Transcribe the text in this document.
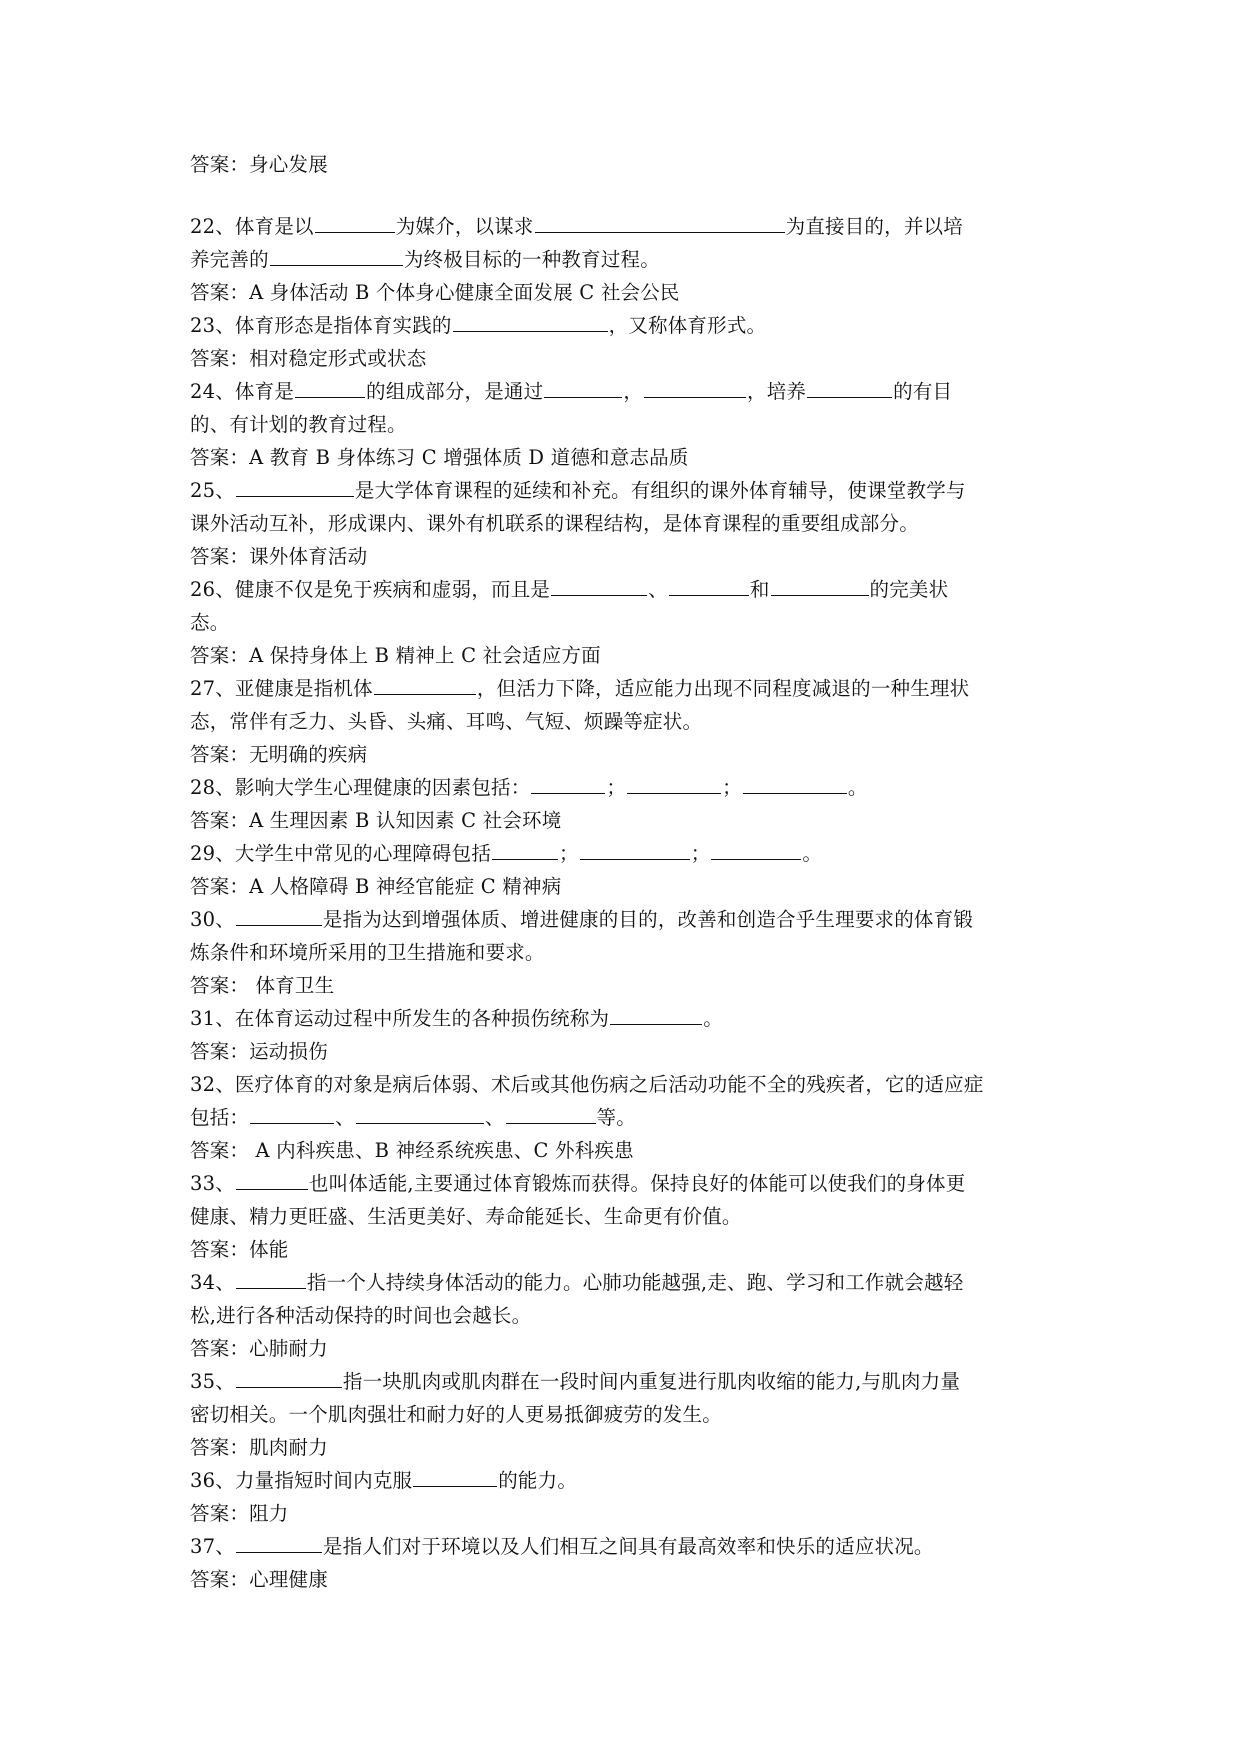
答案：身心发展
22、体育是以	为媒介，以谋求	为直接目的，并以培
养完善的	为终极目标的一种教育过程。
答案：A 身体活动 B 个体身心健康全面发展 C 社会公民
23、体育形态是指体育实践的	，又称体育形式。
答案：相对稳定形式或状态
24、体育是	的组成部分，是通过	，	，培养	的有目
的、有计划的教育过程。
答案：A 教育 B 身体练习 C 增强体质 D 道德和意志品质
25、	是大学体育课程的延续和补充。有组织的课外体育辅导，使课堂教学与
课外活动互补，形成课内、课外有机联系的课程结构，是体育课程的重要组成部分。
答案：课外体育活动
26、健康不仅是免于疾病和虚弱，而且是	、	和	的完美状
态。
答案：A 保持身体上 B 精神上 C 社会适应方面
27、亚健康是指机体	，但活力下降，适应能力出现不同程度减退的一种生理状
态，常伴有乏力、头昏、头痛、耳鸣、气短、烦躁等症状。
答案：无明确的疾病
28、影响大学生心理健康的因素包括：	；	；	。
答案：A 生理因素 B 认知因素 C 社会环境
29、大学生中常见的心理障碍包括	；	；	。
答案：A 人格障碍 B 神经官能症 C 精神病
30、	是指为达到增强体质、增进健康的目的，改善和创造合乎生理要求的体育锻
炼条件和环境所采用的卫生措施和要求。
答案： 体育卫生
31、在体育运动过程中所发生的各种损伤统称为	。
答案：运动损伤
32、医疗体育的对象是病后体弱、术后或其他伤病之后活动功能不全的残疾者，它的适应症
包括：	、	、	等。
答案： A 内科疾患、B 神经系统疾患、C 外科疾患
33、	也叫体适能,主要通过体育锻炼而获得。保持良好的体能可以使我们的身体更
健康、精力更旺盛、生活更美好、寿命能延长、生命更有价值。
答案：体能
34、	指一个人持续身体活动的能力。心肺功能越强,走、跑、学习和工作就会越轻
松,进行各种活动保持的时间也会越长。
答案：心肺耐力
35、	指一块肌肉或肌肉群在一段时间内重复进行肌肉收缩的能力,与肌肉力量
密切相关。一个肌肉强壮和耐力好的人更易抵御疲劳的发生。
答案：肌肉耐力
36、力量指短时间内克服	的能力。
答案：阻力
37、	是指人们对于环境以及人们相互之间具有最高效率和快乐的适应状况。
答案：心理健康
